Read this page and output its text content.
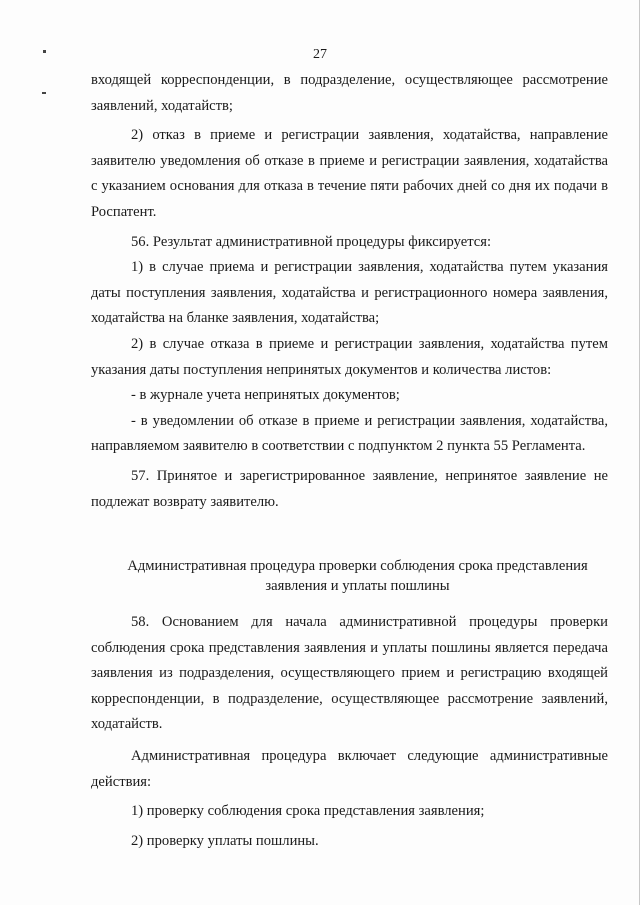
27

входящей корреспонденции, в подразделение, осуществляющее рассмотрение заявлений, ходатайств;

2) отказ в приеме и регистрации заявления, ходатайства, направление заявителю уведомления об отказе в приеме и регистрации заявления, ходатайства с указанием основания для отказа в течение пяти рабочих дней со дня их подачи в Роспатент.

56. Результат административной процедуры фиксируется:

1) в случае приема и регистрации заявления, ходатайства путем указания даты поступления заявления, ходатайства и регистрационного номера заявления, ходатайства на бланке заявления, ходатайства;

2) в случае отказа в приеме и регистрации заявления, ходатайства путем указания даты поступления непринятых документов и количества листов:

- в журнале учета непринятых документов;

- в уведомлении об отказе в приеме и регистрации заявления, ходатайства, направляемом заявителю в соответствии с подпунктом 2 пункта 55 Регламента.

57. Принятое и зарегистрированное заявление, непринятое заявление не подлежат возврату заявителю.

Административная процедура проверки соблюдения срока представления заявления и уплаты пошлины

58. Основанием для начала административной процедуры проверки соблюдения срока представления заявления и уплаты пошлины является передача заявления из подразделения, осуществляющего прием и регистрацию входящей корреспонденции, в подразделение, осуществляющее рассмотрение заявлений, ходатайств.

Административная процедура включает следующие административные действия:

1) проверку соблюдения срока представления заявления;

2) проверку уплаты пошлины.
